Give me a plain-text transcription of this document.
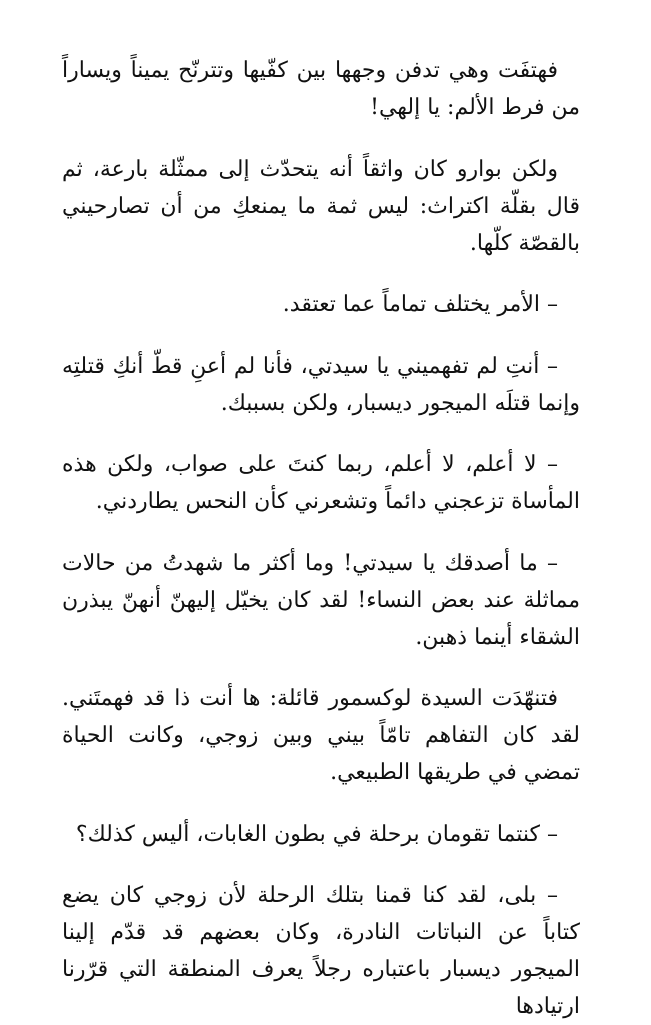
فهتفَت وهي تدفن وجهها بين كفّيها وتترنّح يميناً ويساراً من فرط الألم: يا إلهي!

ولكن بوارو كان واثقاً أنه يتحدّث إلى ممثّلة بارعة، ثم قال بقلّة اكتراث: ليس ثمة ما يمنعكِ من أن تصارحيني بالقصّة كلّها.

– الأمر يختلف تماماً عما تعتقد.

– أنتِ لم تفهميني يا سيدتي، فأنا لم أعنِ قطّ أنكِ قتلتِه وإنما قتلَه الميجور ديسبار، ولكن بسببك.

– لا أعلم، لا أعلم، ربما كنتَ على صواب، ولكن هذه المأساة تزعجني دائماً وتشعرني كأن النحس يطاردني.

– ما أصدقك يا سيدتي! وما أكثر ما شهدتُ من حالات مماثلة عند بعض النساء! لقد كان يخيّل إليهنّ أنهنّ يبذرن الشقاء أينما ذهبن.

فتنهّدَت السيدة لوكسمور قائلة: ها أنت ذا قد فهمتَني. لقد كان التفاهم تامّاً بيني وبين زوجي، وكانت الحياة تمضي في طريقها الطبيعي.

– كنتما تقومان برحلة في بطون الغابات، أليس كذلك؟

– بلى، لقد كنا قمنا بتلك الرحلة لأن زوجي كان يضع كتاباً عن النباتات النادرة، وكان بعضهم قد قدّم إلينا الميجور ديسبار باعتباره رجلاً يعرف المنطقة التي قرّرنا ارتيادها
